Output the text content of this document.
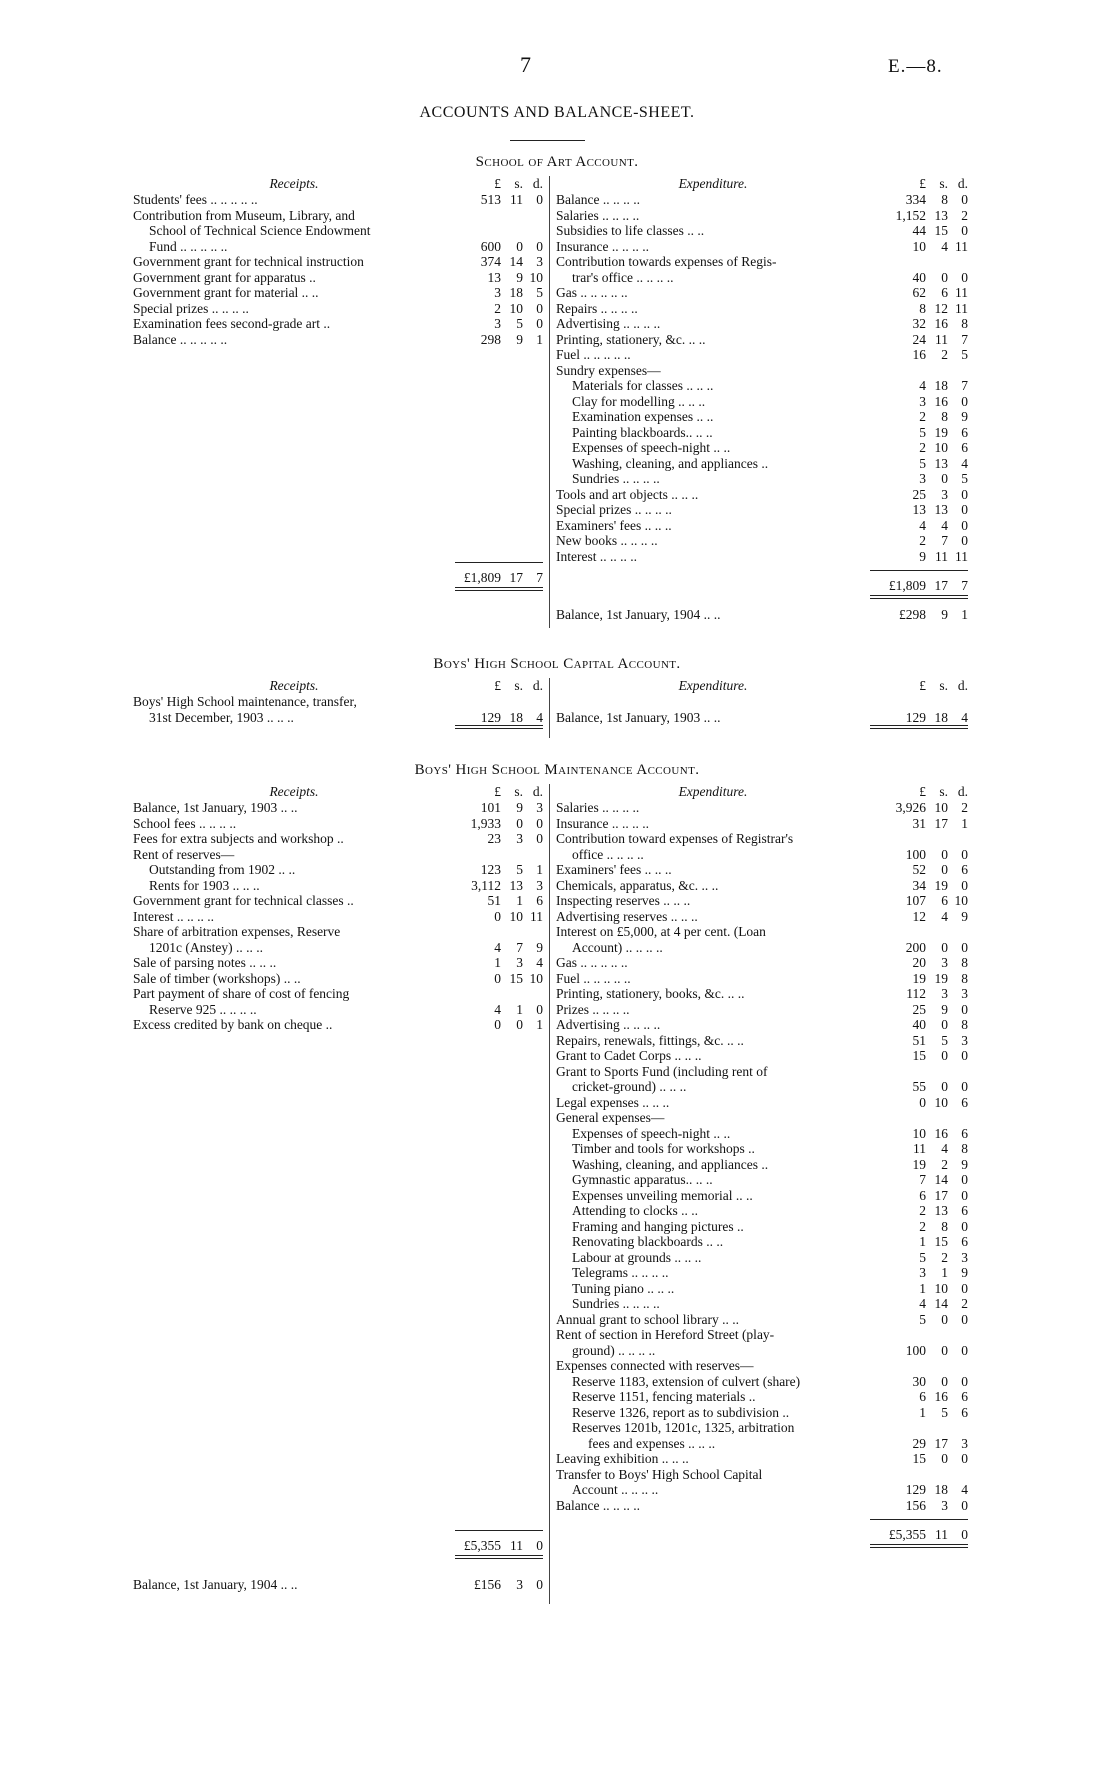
7	E.—8.
ACCOUNTS AND BALANCE-SHEET.
School of Art Account.
Receipts.	£ s. d.
Students' fees .. .. .. .. ..	513 11 0
Contribution from Museum, Library, and
School of Technical Science Endowment
Fund .. .. .. .. ..	600	0 0
Government grant for technical instruction	374 14 3
Government grant for apparatus ..	13	9 10
Government grant for material .. ..	3 18 5
Special prizes .. .. .. ..	2 10 0
Examination fees second-grade art ..	3	5 0
Balance .. .. .. .. ..	298	9 1
£1,809 17 7
Expenditure.	£ s. d.
Balance .. .. .. ..	334	8 0
Salaries .. .. .. ..	1,152 13 2
Subsidies to life classes .. ..	44 15 0
Insurance .. .. .. ..	10	4 11
Contribution towards expenses of Regis-
trar's office .. .. .. ..	40	0 0
Gas .. .. .. .. ..	62	6 11
Repairs .. .. .. ..	8 12 11
Advertising .. .. .. ..	32 16 8
Printing, stationery, &c. .. ..	24 11 7
Fuel .. .. .. .. ..	16	2 5
Sundry expenses—
Materials for classes .. .. ..	4 18 7
Clay for modelling .. .. ..	3 16 0
Examination expenses .. ..	2	8 9
Painting blackboards.. .. ..	5 19 6
Expenses of speech-night .. ..	2 10 6
Washing, cleaning, and appliances ..	5 13 4
Sundries .. .. .. ..	3	0 5
Tools and art objects .. .. ..	25	3 0
Special prizes .. .. .. ..	13 13 0
Examiners' fees .. .. ..	4	4 0
New books .. .. .. ..	2	7 0
Interest .. .. .. ..	9 11 11
£1,809 17 7
Balance, 1st January, 1904 .. ..	£298	9 1
Boys' High School Capital Account.
Receipts.	£ s. d.
Boys' High School maintenance, transfer,
31st December, 1903 .. .. ..	129 18 4
Expenditure.	£ s. d.
Balance, 1st January, 1903 .. ..	129 18 4
Boys' High School Maintenance Account.
Receipts.	£ s. d.
Balance, 1st January, 1903 .. ..	101	9 3
School fees .. .. .. ..	1,933	0 0
Fees for extra subjects and workshop ..	23	3 0
Rent of reserves—
Outstanding from 1902 .. ..	123	5 1
Rents for 1903 .. .. ..	3,112 13 3
Government grant for technical classes ..	51	1 6
Interest .. .. .. ..	0 10 11
Share of arbitration expenses, Reserve
1201c (Anstey) .. .. ..	4	7 9
Sale of parsing notes .. .. ..	1	3 4
Sale of timber (workshops) .. ..	0 15 10
Part payment of share of cost of fencing
Reserve 925 .. .. .. ..	4	1 0
Excess credited by bank on cheque ..	0	0 1
£5,355 11 0
Balance, 1st January, 1904 .. ..	£156	3 0
Expenditure.	£ s. d.
Salaries .. .. .. ..	3,926 10 2
Insurance .. .. .. ..	31 17 1
Contribution toward expenses of Registrar's
office .. .. .. ..	100	0 0
Examiners' fees .. .. ..	52	0 6
Chemicals, apparatus, &c. .. ..	34 19 0
Inspecting reserves .. .. ..	107	6 10
Advertising reserves .. .. ..	12	4 9
Interest on £5,000, at 4 per cent. (Loan
Account) .. .. .. ..	200	0 0
Gas .. .. .. .. ..	20	3 8
Fuel .. .. .. .. ..	19 19 8
Printing, stationery, books, &c. .. ..	112	3 3
Prizes .. .. .. ..	25	9 0
Advertising .. .. .. ..	40	0 8
Repairs, renewals, fittings, &c. .. ..	51	5 3
Grant to Cadet Corps .. .. ..	15	0 0
Grant to Sports Fund (including rent of
cricket-ground) .. .. ..	55	0 0
Legal expenses .. .. ..	0 10 6
General expenses—
Expenses of speech-night .. ..	10 16 6
Timber and tools for workshops ..	11	4 8
Washing, cleaning, and appliances ..	19	2 9
Gymnastic apparatus.. .. ..	7 14 0
Expenses unveiling memorial .. ..	6 17 0
Attending to clocks .. ..	2 13 6
Framing and hanging pictures ..	2	8 0
Renovating blackboards .. ..	1 15 6
Labour at grounds .. .. ..	5	2 3
Telegrams .. .. .. ..	3	1 9
Tuning piano .. .. ..	1 10 0
Sundries .. .. .. ..	4 14 2
Annual grant to school library .. ..	5	0 0
Rent of section in Hereford Street (play-
ground) .. .. .. ..	100	0 0
Expenses connected with reserves—
Reserve 1183, extension of culvert (share)	30	0 0
Reserve 1151, fencing materials ..	6 16 6
Reserve 1326, report as to subdivision ..	1	5 6
Reserves 1201b, 1201c, 1325, arbitration
fees and expenses .. .. ..	29 17 3
Leaving exhibition .. .. ..	15	0 0
Transfer to Boys' High School Capital
Account .. .. .. ..	129 18 4
Balance .. .. .. ..	156	3 0
£5,355 11 0
